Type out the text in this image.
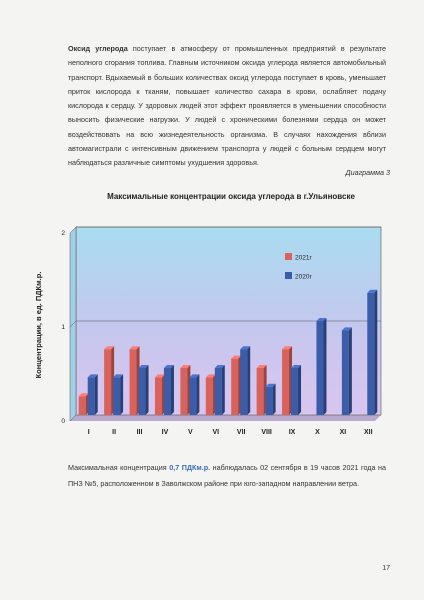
Оксид углерода поступает в атмосферу от промышленных предприятий в результате неполного сгорания топлива. Главным источником оксида углерода является автомобильный транспорт. Вдыхаемый в больших количествах оксид углерода поступает в кровь, уменьшает приток кислорода к тканям, повышает количество сахара в крови, ослабляет подачу кислорода к сердцу. У здоровых людей этот эффект проявляется в уменьшении способности выносить физические нагрузки. У людей с хроническими болезнями сердца он может воздействовать на всю жизнедеятельность организма. В случаях нахождения вблизи автомагистрали с интенсивным движением транспорта у людей с больным сердцем могут наблюдаться различные симптомы ухудшения здоровья.
Диаграмма 3
Максимальные концентрации оксида углерода в г.Ульяновске
0
1
2
I	II	III	IV	V	VI	VII VIII IX	X	XI	XII
Концентрации, в ед. ПДКм.р.
2021г
2020г
Максимальная концентрация 0,7 ПДКм.р. наблюдалась 02 сентября в 19 часов 2021 года на ПНЗ №5, расположенном в Заволжском районе при юго-западном направлении ветра.
17
